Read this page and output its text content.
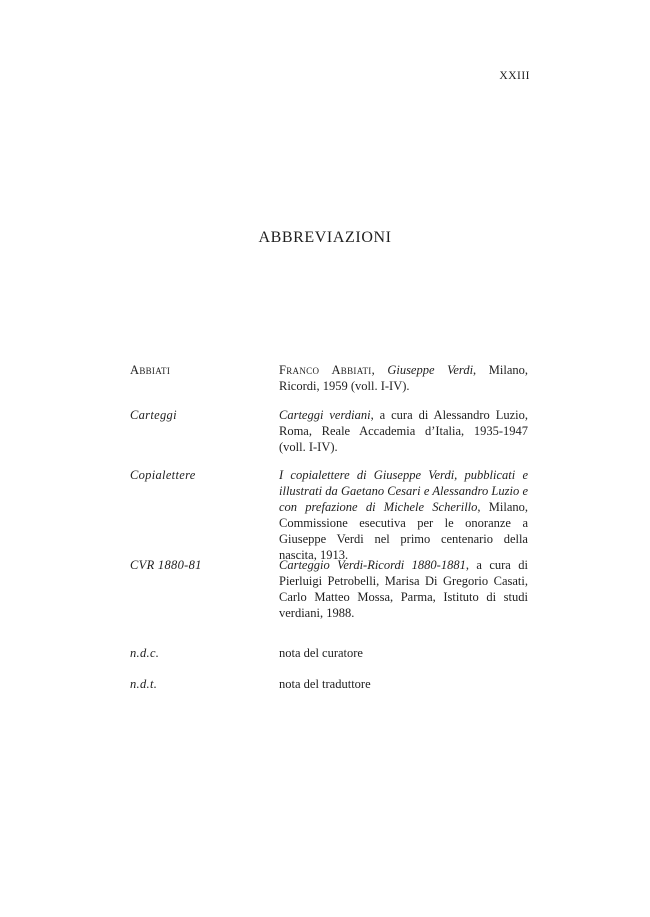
XXIII
ABBREVIAZIONI
Abbiati	Franco Abbiati, Giuseppe Verdi, Milano, Ricordi, 1959 (voll. I-IV).
Carteggi	Carteggi verdiani, a cura di Alessandro Luzio, Roma, Reale Accademia d’Italia, 1935-1947 (voll. I-IV).
Copialettere	I copialettere di Giuseppe Verdi, pubblicati e illustrati da Gaetano Cesari e Alessandro Luzio e con prefazione di Michele Scherillo, Milano, Commissione esecutiva per le onoranze a Giuseppe Verdi nel primo centenario della nascita, 1913.
CVR 1880-81	Carteggio Verdi-Ricordi 1880-1881, a cura di Pierluigi Petrobelli, Marisa Di Gregorio Casati, Carlo Matteo Mossa, Parma, Istituto di studi verdiani, 1988.
n.d.c.	nota del curatore
n.d.t.	nota del traduttore
